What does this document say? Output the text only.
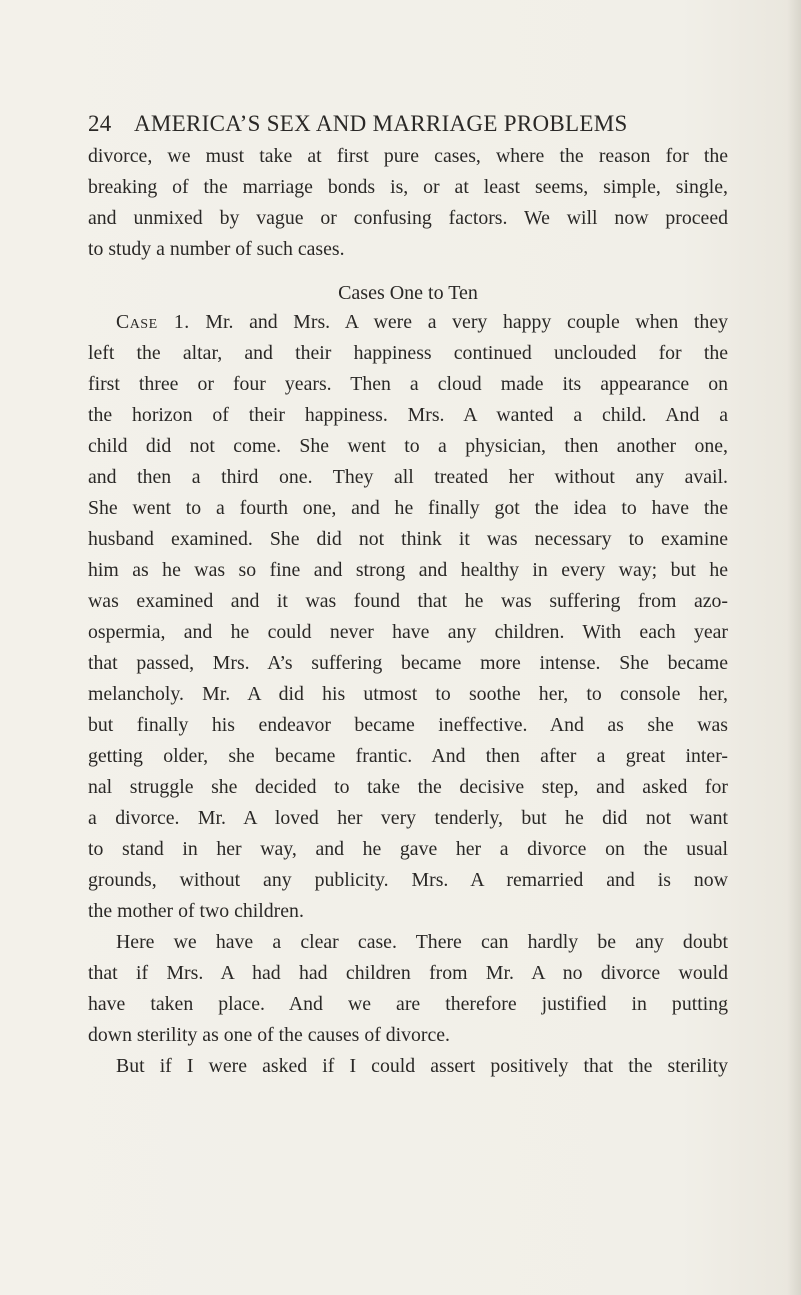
24 AMERICA’S SEX AND MARRIAGE PROBLEMS
divorce, we must take at first pure cases, where the reason for the
breaking of the marriage bonds is, or at least seems, simple, single,
and unmixed by vague or confusing factors. We will now proceed
to study a number of such cases.
Cases One to Ten
Case 1. Mr. and Mrs. A were a very happy couple when they
left the altar, and their happiness continued unclouded for the
first three or four years. Then a cloud made its appearance on
the horizon of their happiness. Mrs. A wanted a child. And a
child did not come. She went to a physician, then another one,
and then a third one. They all treated her without any avail.
She went to a fourth one, and he finally got the idea to have the
husband examined. She did not think it was necessary to examine
him as he was so fine and strong and healthy in every way; but he
was examined and it was found that he was suffering from azo-
ospermia, and he could never have any children. With each year
that passed, Mrs. A’s suffering became more intense. She became
melancholy. Mr. A did his utmost to soothe her, to console her,
but finally his endeavor became ineffective. And as she was
getting older, she became frantic. And then after a great inter-
nal struggle she decided to take the decisive step, and asked for
a divorce. Mr. A loved her very tenderly, but he did not want
to stand in her way, and he gave her a divorce on the usual
grounds, without any publicity. Mrs. A remarried and is now
the mother of two children.
Here we have a clear case. There can hardly be any doubt
that if Mrs. A had had children from Mr. A no divorce would
have taken place. And we are therefore justified in putting
down sterility as one of the causes of divorce.
But if I were asked if I could assert positively that the sterility
